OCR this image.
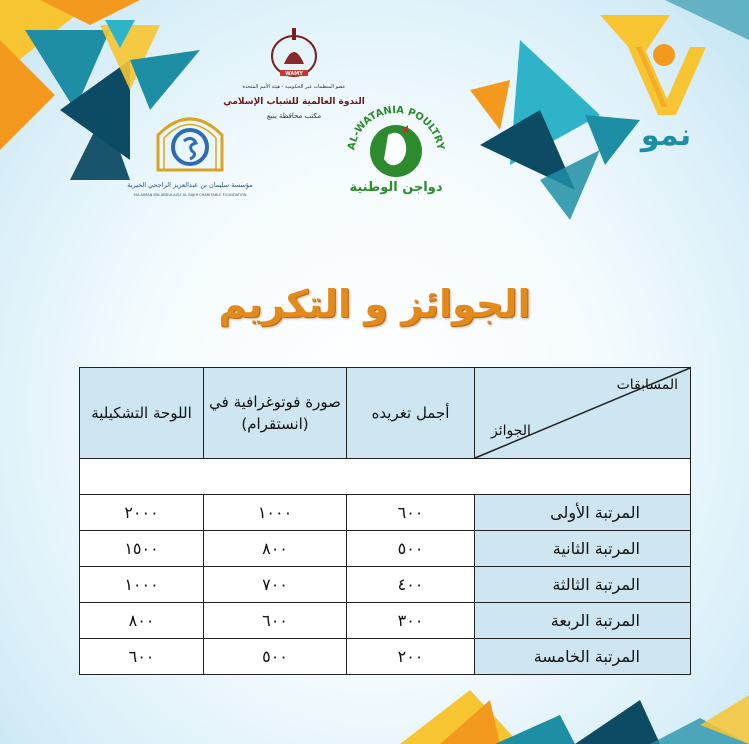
نمو
AL-WATANIA POULTRY
دواجن الوطنية
WAMY
عضو المنظمات غير الحكومية - هيئة الأمم المتحدة
الندوة العالمية للشباب الإسلامي
مكتب محافظة ينبع
مؤسسة سليمان بن عبدالعزيز الراجحي الخيرية
SULAIMAN BIN ABDULAZIZ AL RAJHI CHARITABLE FOUNDATION
الجوائز و التكريم
المسابقات
الجوائز	أجمل تغريده	صورة فوتوغرافية في (انستقرام)	اللوحة التشكيلية

المرتبة الأولى	٦٠٠	١٠٠٠	٢٠٠٠
المرتبة الثانية	٥٠٠	٨٠٠	١٥٠٠
المرتبة الثالثة	٤٠٠	٧٠٠	١٠٠٠
المرتبة الربعة	٣٠٠	٦٠٠	٨٠٠
المرتبة الخامسة	٢٠٠	٥٠٠	٦٠٠
